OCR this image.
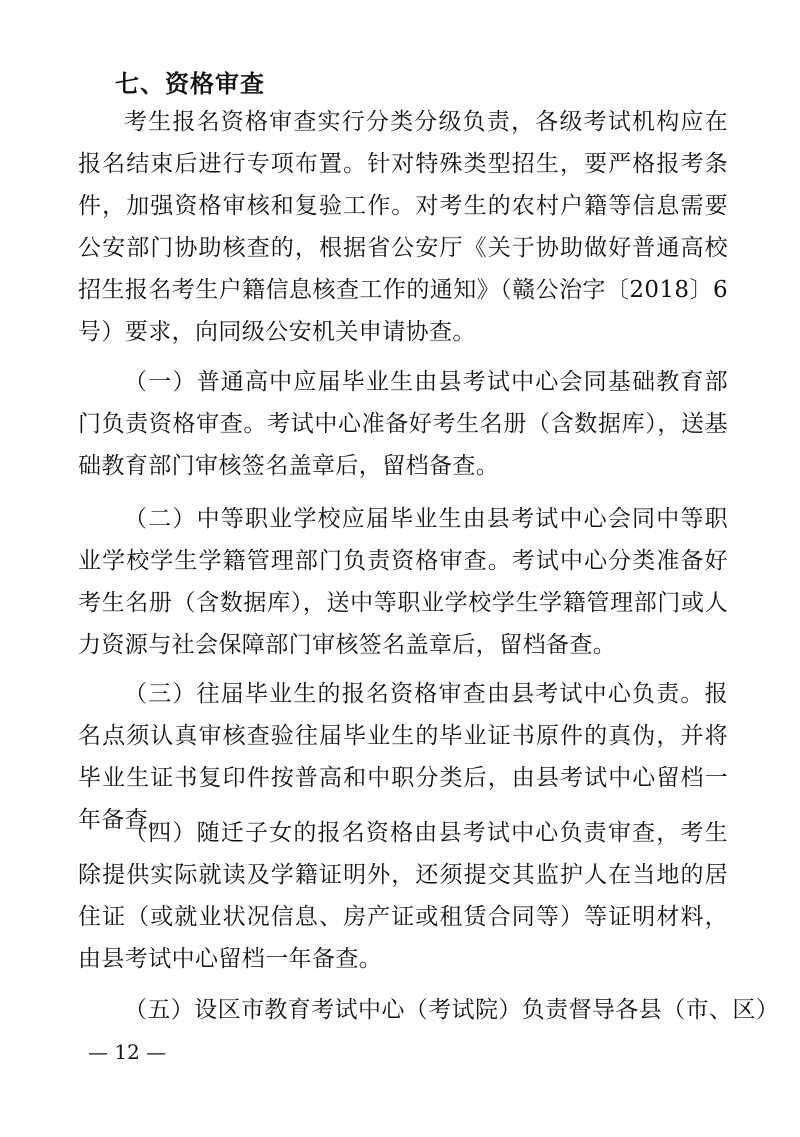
七、资格审查

考生报名资格审查实行分类分级负责，各级考试机构应在报名结束后进行专项布置。针对特殊类型招生，要严格报考条件，加强资格审核和复验工作。对考生的农村户籍等信息需要公安部门协助核查的，根据省公安厅《关于协助做好普通高校招生报名考生户籍信息核查工作的通知》（赣公治字〔2018〕6号）要求，向同级公安机关申请协查。

（一）普通高中应届毕业生由县考试中心会同基础教育部门负责资格审查。考试中心准备好考生名册（含数据库），送基础教育部门审核签名盖章后，留档备查。

（二）中等职业学校应届毕业生由县考试中心会同中等职业学校学生学籍管理部门负责资格审查。考试中心分类准备好考生名册（含数据库），送中等职业学校学生学籍管理部门或人力资源与社会保障部门审核签名盖章后，留档备查。

（三）往届毕业生的报名资格审查由县考试中心负责。报名点须认真审核查验往届毕业生的毕业证书原件的真伪，并将毕业生证书复印件按普高和中职分类后，由县考试中心留档一年备查。

（四）随迁子女的报名资格由县考试中心负责审查，考生除提供实际就读及学籍证明外，还须提交其监护人在当地的居住证（或就业状况信息、房产证或租赁合同等）等证明材料，由县考试中心留档一年备查。

（五）设区市教育考试中心（考试院）负责督导各县（市、区）

— 12 —
